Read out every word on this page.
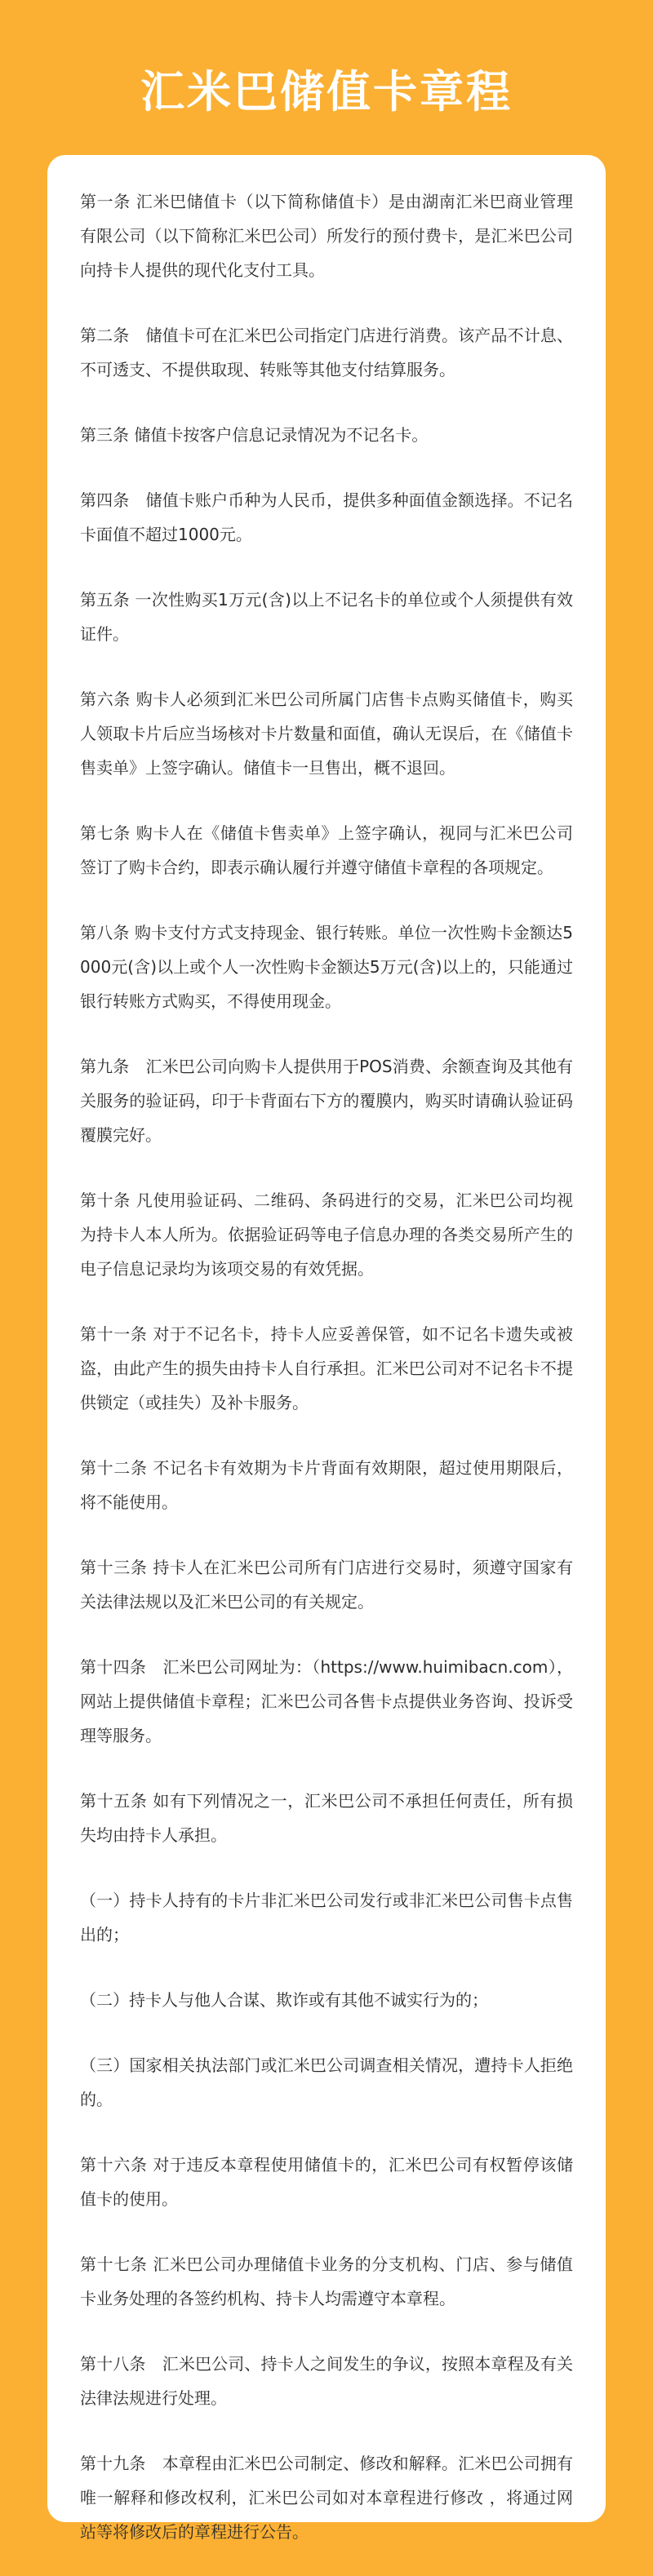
汇米巴储值卡章程

第一条 汇米巴储值卡（以下简称储值卡）是由湖南汇米巴商业管理有限公司（以下简称汇米巴公司）所发行的预付费卡，是汇米巴公司向持卡人提供的现代化支付工具。

第二条　储值卡可在汇米巴公司指定门店进行消费。该产品不计息、不可透支、不提供取现、转账等其他支付结算服务。

第三条 储值卡按客户信息记录情况为不记名卡。

第四条　储值卡账户币种为人民币，提供多种面值金额选择。不记名卡面值不超过1000元。

第五条 一次性购买1万元(含)以上不记名卡的单位或个人须提供有效证件。

第六条 购卡人必须到汇米巴公司所属门店售卡点购买储值卡，购买人领取卡片后应当场核对卡片数量和面值，确认无误后，在《储值卡售卖单》上签字确认。储值卡一旦售出，概不退回。

第七条 购卡人在《储值卡售卖单》上签字确认，视同与汇米巴公司签订了购卡合约，即表示确认履行并遵守储值卡章程的各项规定。

第八条 购卡支付方式支持现金、银行转账。单位一次性购卡金额达5000元(含)以上或个人一次性购卡金额达5万元(含)以上的，只能通过银行转账方式购买，不得使用现金。

第九条　汇米巴公司向购卡人提供用于POS消费、余额查询及其他有关服务的验证码，印于卡背面右下方的覆膜内，购买时请确认验证码覆膜完好。

第十条 凡使用验证码、二维码、条码进行的交易，汇米巴公司均视为持卡人本人所为。依据验证码等电子信息办理的各类交易所产生的电子信息记录均为该项交易的有效凭据。

第十一条 对于不记名卡，持卡人应妥善保管，如不记名卡遗失或被盗，由此产生的损失由持卡人自行承担。汇米巴公司对不记名卡不提供锁定（或挂失）及补卡服务。

第十二条 不记名卡有效期为卡片背面有效期限，超过使用期限后，将不能使用。

第十三条 持卡人在汇米巴公司所有门店进行交易时，须遵守国家有关法律法规以及汇米巴公司的有关规定。

第十四条　汇米巴公司网址为：（https://www.huimibacn.com），网站上提供储值卡章程；汇米巴公司各售卡点提供业务咨询、投诉受理等服务。

第十五条 如有下列情况之一，汇米巴公司不承担任何责任，所有损失均由持卡人承担。

（一）持卡人持有的卡片非汇米巴公司发行或非汇米巴公司售卡点售出的；

（二）持卡人与他人合谋、欺诈或有其他不诚实行为的；

（三）国家相关执法部门或汇米巴公司调查相关情况，遭持卡人拒绝的。

第十六条 对于违反本章程使用储值卡的，汇米巴公司有权暂停该储值卡的使用。

第十七条 汇米巴公司办理储值卡业务的分支机构、门店、参与储值卡业务处理的各签约机构、持卡人均需遵守本章程。

第十八条　汇米巴公司、持卡人之间发生的争议，按照本章程及有关法律法规进行处理。

第十九条　本章程由汇米巴公司制定、修改和解释。汇米巴公司拥有唯一解释和修改权利，汇米巴公司如对本章程进行修改 ，将通过网站等将修改后的章程进行公告。
